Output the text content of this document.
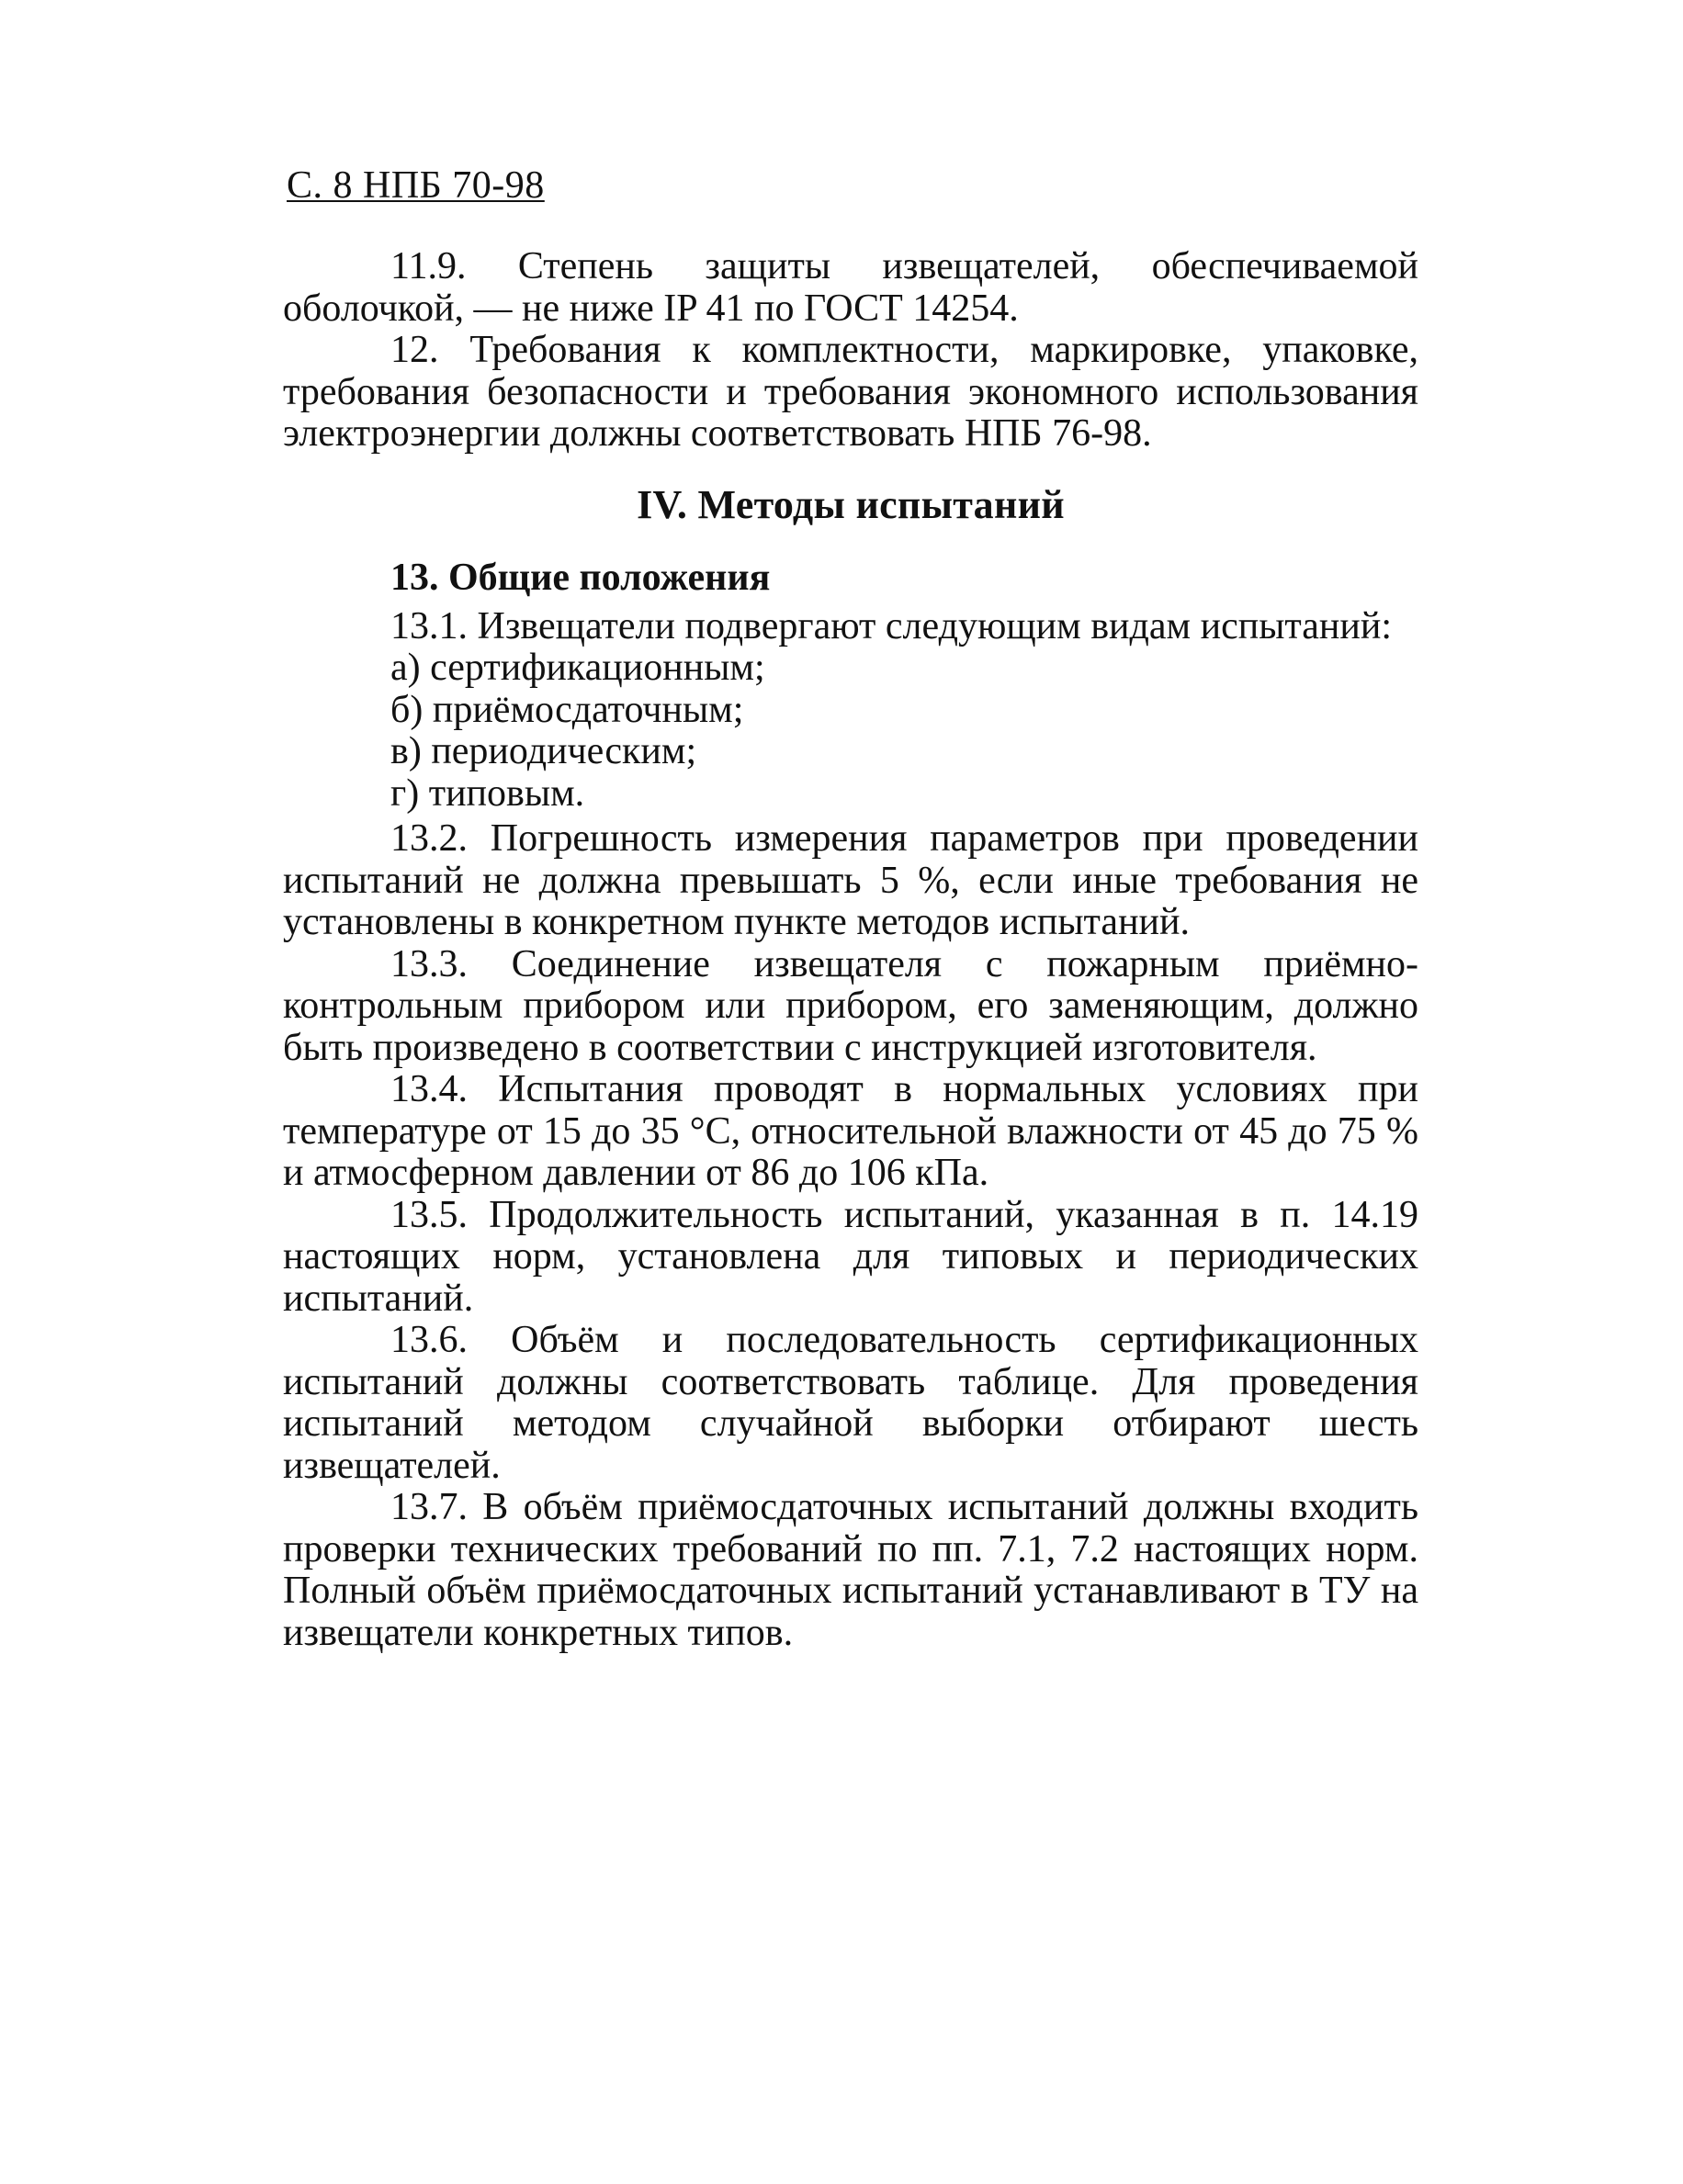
С. 8 НПБ 70-98

11.9. Степень защиты извещателей, обеспечиваемой оболочкой, — не ниже IP 41 по ГОСТ 14254.

12. Требования к комплектности, маркировке, упаковке, требования безопасности и требования экономного использования электроэнергии должны соответствовать НПБ 76-98.

IV. Методы испытаний
13. Общие положения

13.1. Извещатели подвергают следующим видам испытаний:

а) сертификационным;

б) приёмосдаточным;

в) периодическим;

г) типовым.

13.2. Погрешность измерения параметров при проведении испытаний не должна превышать 5 %, если иные требования не установлены в конкретном пункте методов испытаний.

13.3. Соединение извещателя с пожарным приёмно-контрольным прибором или прибором, его заменяющим, должно быть произведено в соответствии с инструкцией изготовителя.

13.4. Испытания проводят в нормальных условиях при температуре от 15 до 35 °С, относительной влажности от 45 до 75 % и атмосферном давлении от 86 до 106 кПа.

13.5. Продолжительность испытаний, указанная в п. 14.19 настоящих норм, установлена для типовых и периодических испытаний.

13.6. Объём и последовательность сертификационных испытаний должны соответствовать таблице. Для проведения испытаний методом случайной выборки отбирают шесть извещателей.

13.7. В объём приёмосдаточных испытаний должны входить проверки технических требований по пп. 7.1, 7.2 настоящих норм. Полный объём приёмосдаточных испытаний устанавливают в ТУ на извещатели конкретных типов.
